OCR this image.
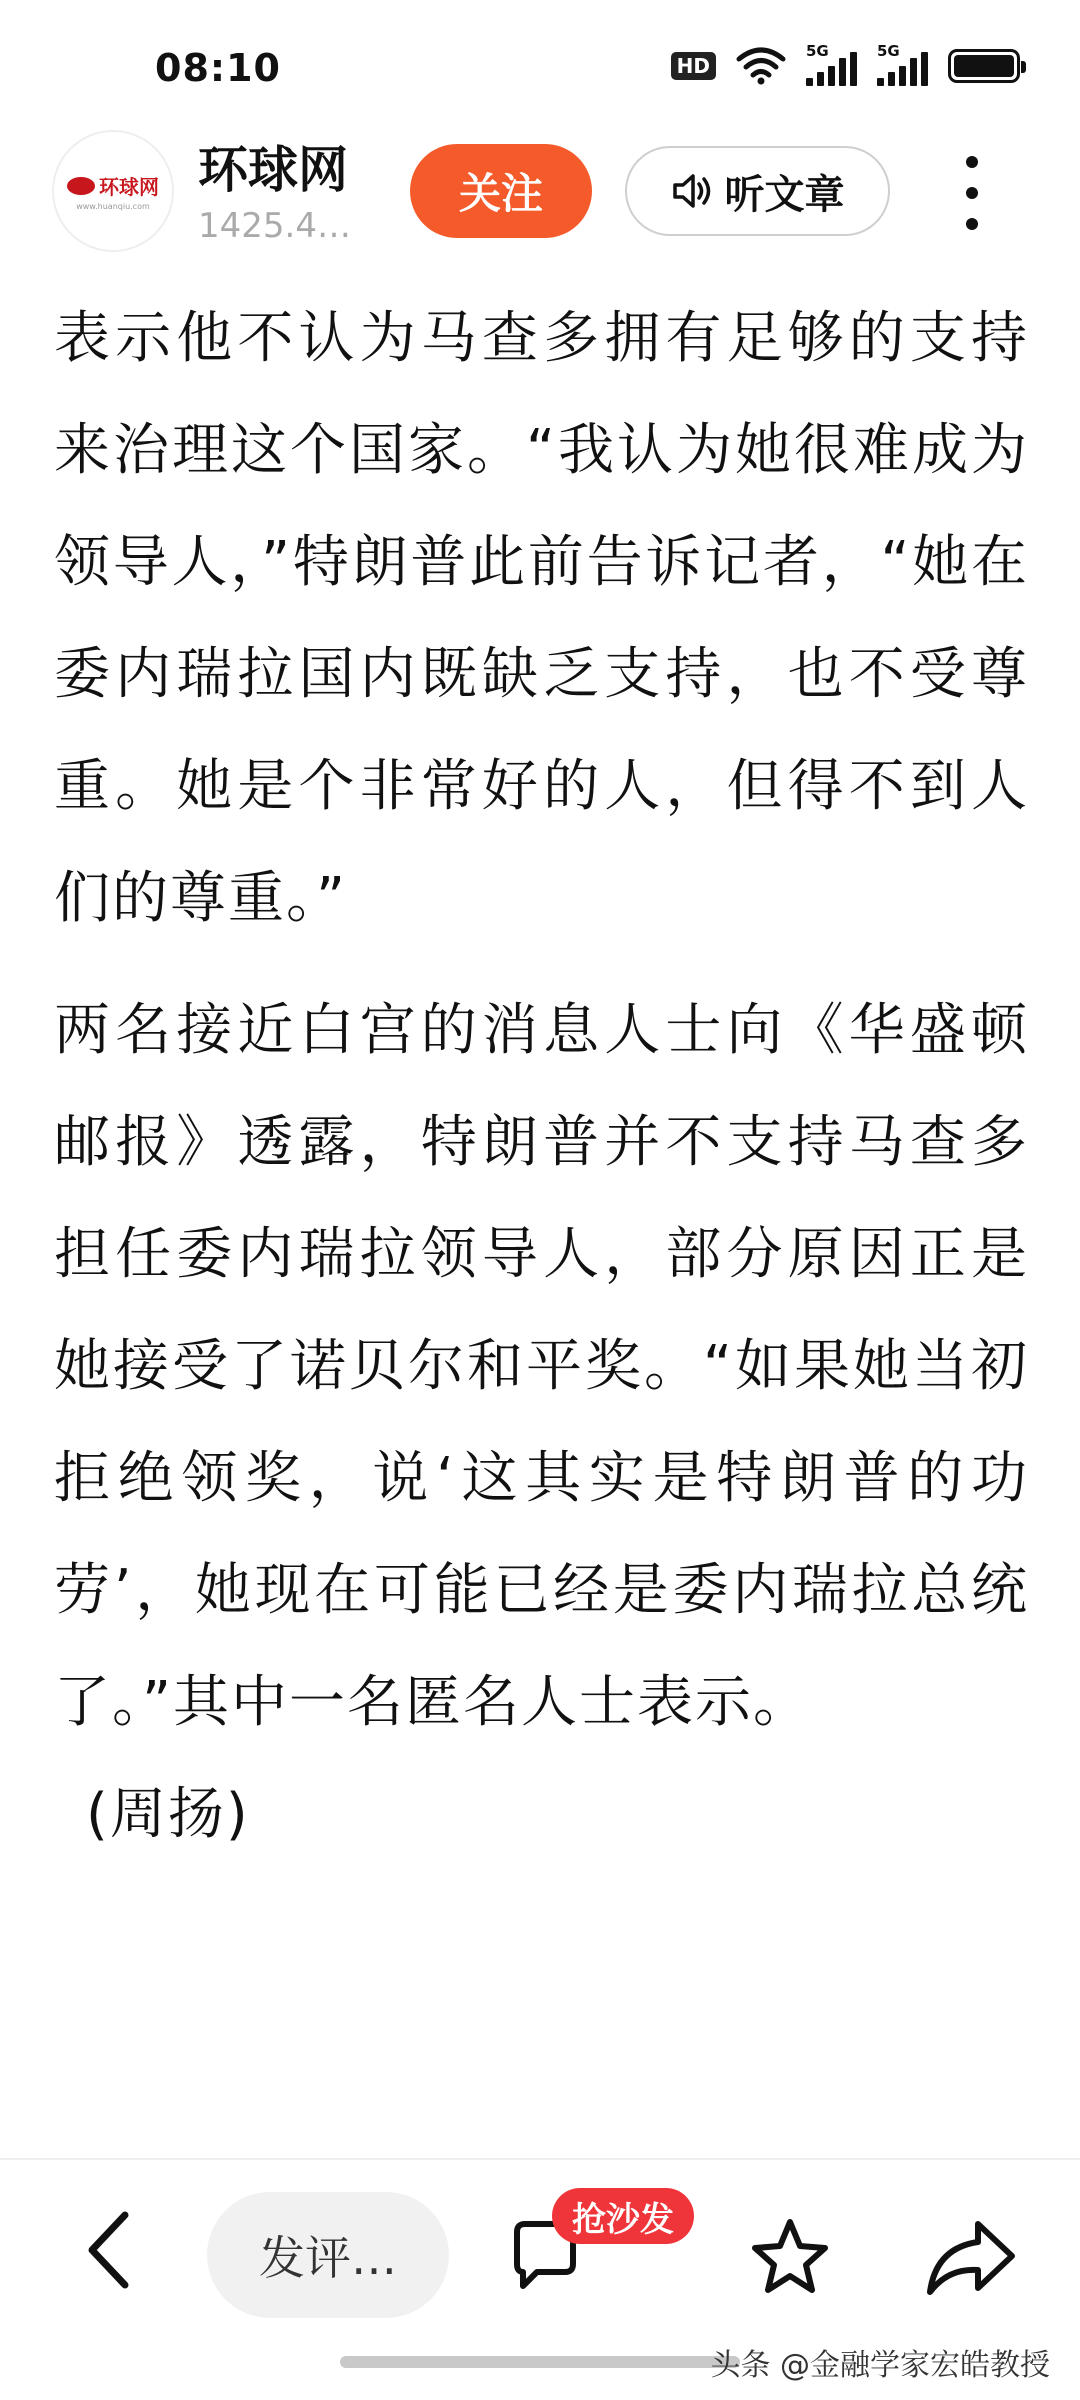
08:10	HD
5G	5G
环球网
www.huanqiu.com
环球网
1425.4…
关注	听文章

表示他不认为马查多拥有足够的支持来治理这个国家。“我认为她很难成为领导人，”特朗普此前告诉记者，“她在委内瑞拉国内既缺乏支持，也不受尊重。她是个非常好的人，但得不到人们的尊重。”

两名接近白宫的消息人士向《华盛顿邮报》透露，特朗普并不支持马查多担任委内瑞拉领导人，部分原因正是她接受了诺贝尔和平奖。“如果她当初拒绝领奖，说‘这其实是特朗普的功劳’，她现在可能已经是委内瑞拉总统了。”其中一名匿名人士表示。

(周扬)

发评…
抢沙发
头条 @金融学家宏皓教授
